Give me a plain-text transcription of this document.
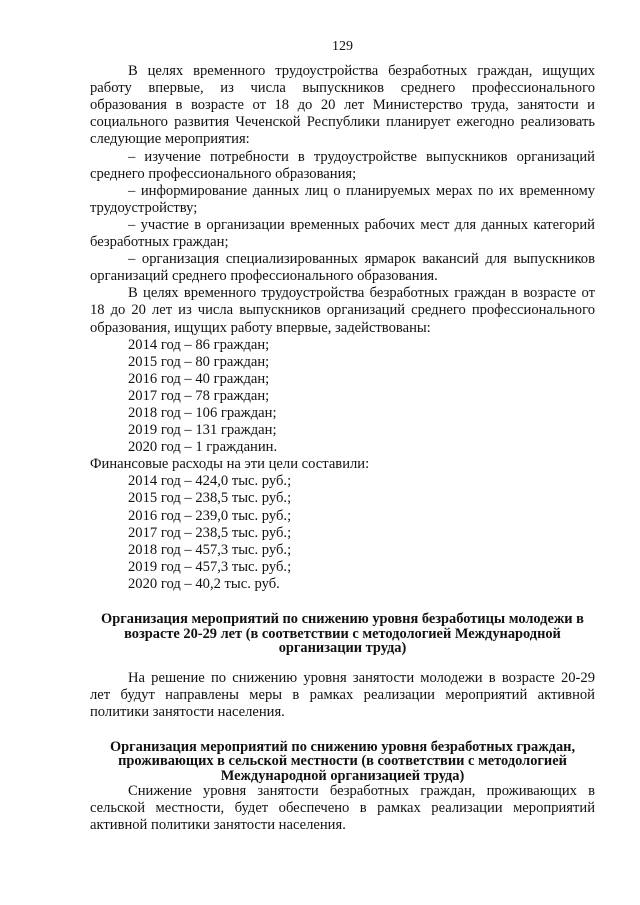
129

В целях временного трудоустройства безработных граждан, ищущих работу впервые, из числа выпускников среднего профессионального образования в возрасте от 18 до 20 лет Министерство труда, занятости и социального развития Чеченской Республики планирует ежегодно реализовать следующие мероприятия:

– изучение потребности в трудоустройстве выпускников организаций среднего профессионального образования;

– информирование данных лиц о планируемых мерах по их временному трудоустройству;

– участие в организации временных рабочих мест для данных категорий безработных граждан;

– организация специализированных ярмарок вакансий для выпускников организаций среднего профессионального образования.

В целях временного трудоустройства безработных граждан в возрасте от 18 до 20 лет из числа выпускников организаций среднего профессионального образования, ищущих работу впервые, задействованы:

2014 год – 86 граждан;

2015 год – 80 граждан;

2016 год – 40 граждан;

2017 год – 78 граждан;

2018 год – 106 граждан;

2019 год – 131 граждан;

2020 год – 1 гражданин.

Финансовые расходы на эти цели составили:

2014 год – 424,0 тыс. руб.;

2015 год – 238,5 тыс. руб.;

2016 год – 239,0 тыс. руб.;

2017 год – 238,5 тыс. руб.;

2018 год – 457,3 тыс. руб.;

2019 год – 457,3 тыс. руб.;

2020 год – 40,2 тыс. руб.

Организация мероприятий по снижению уровня безработицы молодежи в возрасте 20-29 лет (в соответствии с методологией Международной организации труда)

На решение по снижению уровня занятости молодежи в возрасте 20-29 лет будут направлены меры в рамках реализации мероприятий активной политики занятости населения.

Организация мероприятий по снижению уровня безработных граждан, проживающих в сельской местности (в соответствии с методологией Международной организацией труда)

Снижение уровня занятости безработных граждан, проживающих в сельской местности, будет обеспечено в рамках реализации мероприятий активной политики занятости населения.
